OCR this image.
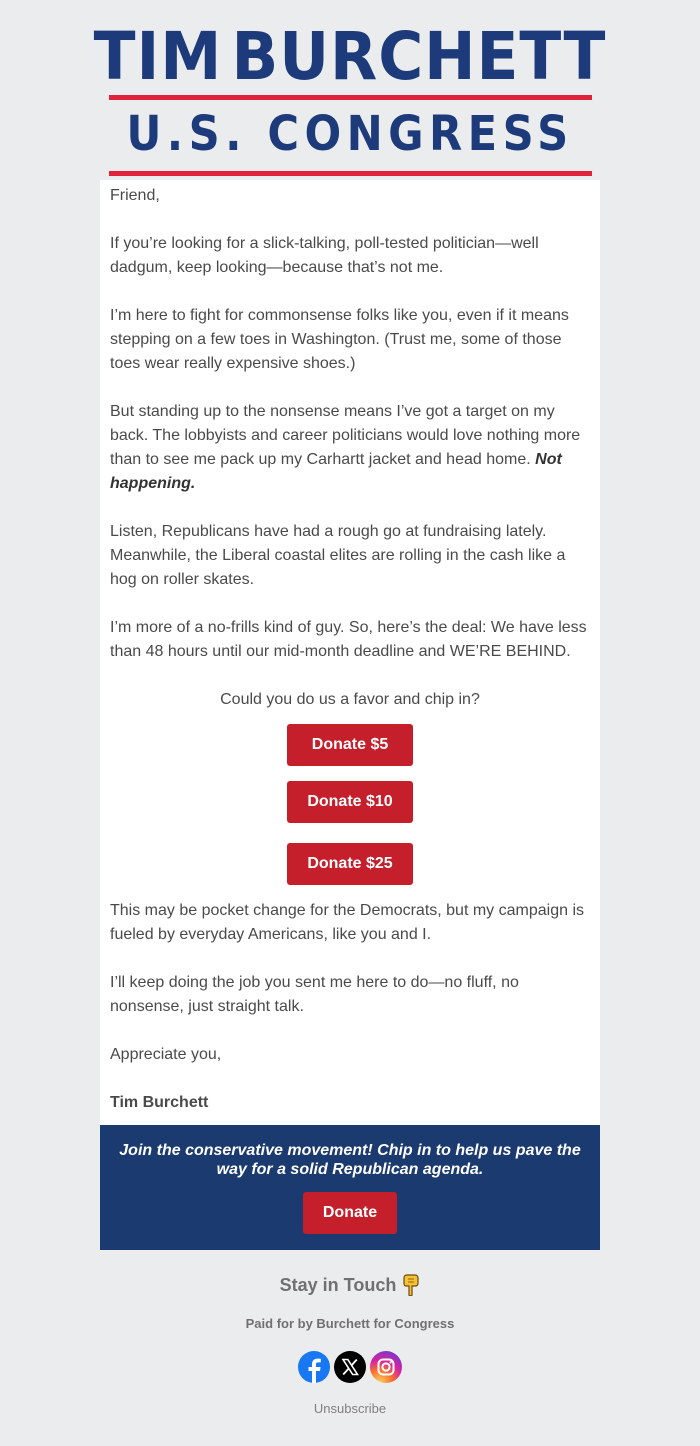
TIM BURCHETT
U.S. CONGRESS

Friend,

If you’re looking for a slick-talking, poll-tested politician—well dadgum, keep looking—because that’s not me.

I’m here to fight for commonsense folks like you, even if it means stepping on a few toes in Washington. (Trust me, some of those toes wear really expensive shoes.)

But standing up to the nonsense means I’ve got a target on my back. The lobbyists and career politicians would love nothing more than to see me pack up my Carhartt jacket and head home. Not happening.

Listen, Republicans have had a rough go at fundraising lately. Meanwhile, the Liberal coastal elites are rolling in the cash like a hog on roller skates.

I’m more of a no-frills kind of guy. So, here’s the deal: We have less than 48 hours until our mid-month deadline and WE’RE BEHIND.

Could you do us a favor and chip in?

Donate $5
Donate $10
Donate $25

This may be pocket change for the Democrats, but my campaign is fueled by everyday Americans, like you and I.

I’ll keep doing the job you sent me here to do—no fluff, no nonsense, just straight talk.

Appreciate you,

Tim Burchett

Join the conservative movement! Chip in to help us pave the way for a solid Republican agenda.

Donate
Stay in Touch
Paid for by Burchett for Congress
Unsubscribe
